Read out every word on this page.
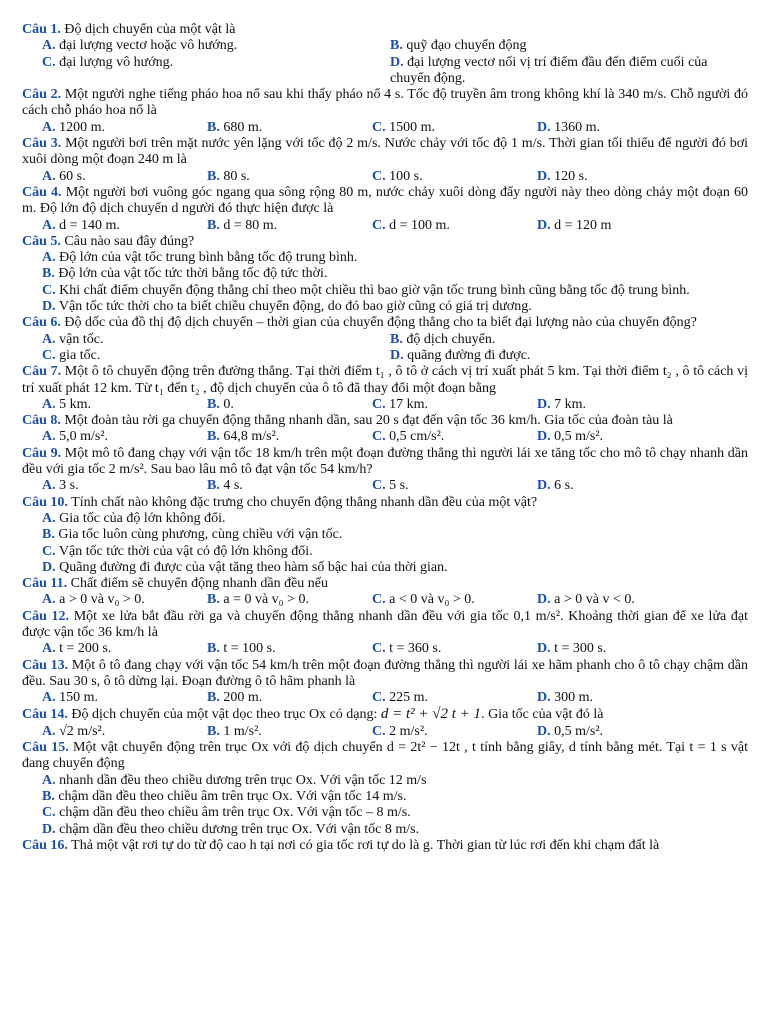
Câu 1. Độ dịch chuyển của một vật là
A. đại lượng vectơ hoặc vô hướng.	B. quỹ đạo chuyển động
C. đại lượng vô hướng.	D. đại lượng vectơ nối vị trí điểm đầu đến điểm cuối của chuyển động.
Câu 2. Một người nghe tiếng pháo hoa nổ sau khi thấy pháo nổ 4 s. Tốc độ truyền âm trong không khí là 340 m/s. Chỗ người đó cách chỗ pháo hoa nổ là
A. 1200 m.	B. 680 m.	C. 1500 m.	D. 1360 m.
Câu 3. Một người bơi trên mặt nước yên lặng với tốc độ 2 m/s. Nước chảy với tốc độ 1 m/s. Thời gian tối thiểu để người đó bơi xuôi dòng một đoạn 240 m là
A. 60 s.	B. 80 s.	C. 100 s.	D. 120 s.
Câu 4. Một người bơi vuông góc ngang qua sông rộng 80 m, nước chảy xuôi dòng đẩy người này theo dòng chảy một đoạn 60 m. Độ lớn độ dịch chuyển d người đó thực hiện được là
A. d = 140 m.	B. d = 80 m.	C. d = 100 m.	D. d = 120 m
Câu 5. Câu nào sau đây đúng?
A. Độ lớn của vật tốc trung bình bằng tốc độ trung bình.
B. Độ lớn của vật tốc tức thời bằng tốc độ tức thời.
C. Khi chất điểm chuyển động thẳng chỉ theo một chiều thì bao giờ vận tốc trung bình cũng bằng tốc độ trung bình.
D. Vận tốc tức thời cho ta biết chiều chuyển động, do đó bao giờ cũng có giá trị dương.
Câu 6. Độ dốc của đồ thị độ dịch chuyển – thời gian của chuyển động thẳng cho ta biết đại lượng nào của chuyển động?
A. vận tốc.	B. độ dịch chuyển.
C. gia tốc.	D. quãng đường đi được.
Câu 7. Một ô tô chuyển động trên đường thẳng. Tại thời điểm t₁ , ô tô ở cách vị trí xuất phát 5 km. Tại thời điểm t₂ , ô tô cách vị trí xuất phát 12 km. Từ t₁ đến t₂ , độ dịch chuyển của ô tô đã thay đổi một đoạn bằng
A. 5 km.	B. 0.	C. 17 km.	D. 7 km.
Câu 8. Một đoàn tàu rời ga chuyển động thẳng nhanh dần, sau 20 s đạt đến vận tốc 36 km/h. Gia tốc của đoàn tàu là
A. 5,0 m/s².	B. 64,8 m/s².	C. 0,5 cm/s².	D. 0,5 m/s².
Câu 9. Một mô tô đang chạy với vận tốc 18 km/h trên một đoạn đường thẳng thì người lái xe tăng tốc cho mô tô chạy nhanh dần đều với gia tốc 2 m/s². Sau bao lâu mô tô đạt vận tốc 54 km/h?
A. 3 s.	B. 4 s.	C. 5 s.	D. 6 s.
Câu 10. Tính chất nào không đặc trưng cho chuyển động thẳng nhanh dần đều của một vật?
A. Gia tốc của độ lớn không đổi.
B. Gia tốc luôn cùng phương, cùng chiều với vận tốc.
C. Vận tốc tức thời của vật có độ lớn không đổi.
D. Quãng đường đi được của vật tăng theo hàm số bậc hai của thời gian.
Câu 11. Chất điểm sẽ chuyển động nhanh dần đều nếu
A. a > 0 và v₀ > 0.	B. a = 0 và v₀ > 0.	C. a < 0 và v₀ > 0.	D. a > 0 và v < 0.
Câu 12. Một xe lửa bắt đầu rời ga và chuyển động thẳng nhanh dần đều với gia tốc 0,1 m/s². Khoảng thời gian để xe lửa đạt được vận tốc 36 km/h là
A. t = 200 s.	B. t = 100 s.	C. t = 360 s.	D. t = 300 s.
Câu 13. Một ô tô đang chạy với vận tốc 54 km/h trên một đoạn đường thẳng thì người lái xe hãm phanh cho ô tô chạy chậm dần đều. Sau 30 s, ô tô dừng lại. Đoạn đường ô tô hãm phanh là
A. 150 m.	B. 200 m.	C. 225 m.	D. 300 m.
Câu 14. Độ dịch chuyển của một vật dọc theo trục Ox có dạng: d = t² + √2 t + 1. Gia tốc của vật đó là
A. √2 m/s².	B. 1 m/s².	C. 2 m/s².	D. 0,5 m/s².
Câu 15. Một vật chuyển động trên trục Ox với độ dịch chuyển d = 2t² − 12t , t tính bằng giây, d tính bằng mét. Tại t = 1 s vật đang chuyển động
A. nhanh dần đều theo chiều dương trên trục Ox. Với vận tốc 12 m/s
B. chậm dần đều theo chiều âm trên trục Ox. Với vận tốc 14 m/s.
C. chậm dần đều theo chiều âm trên trục Ox. Với vận tốc – 8 m/s.
D. chậm dần đều theo chiều dương trên trục Ox. Với vận tốc 8 m/s.
Câu 16. Thả một vật rơi tự do từ độ cao h tại nơi có gia tốc rơi tự do là g. Thời gian từ lúc rơi đến khi chạm đất là
